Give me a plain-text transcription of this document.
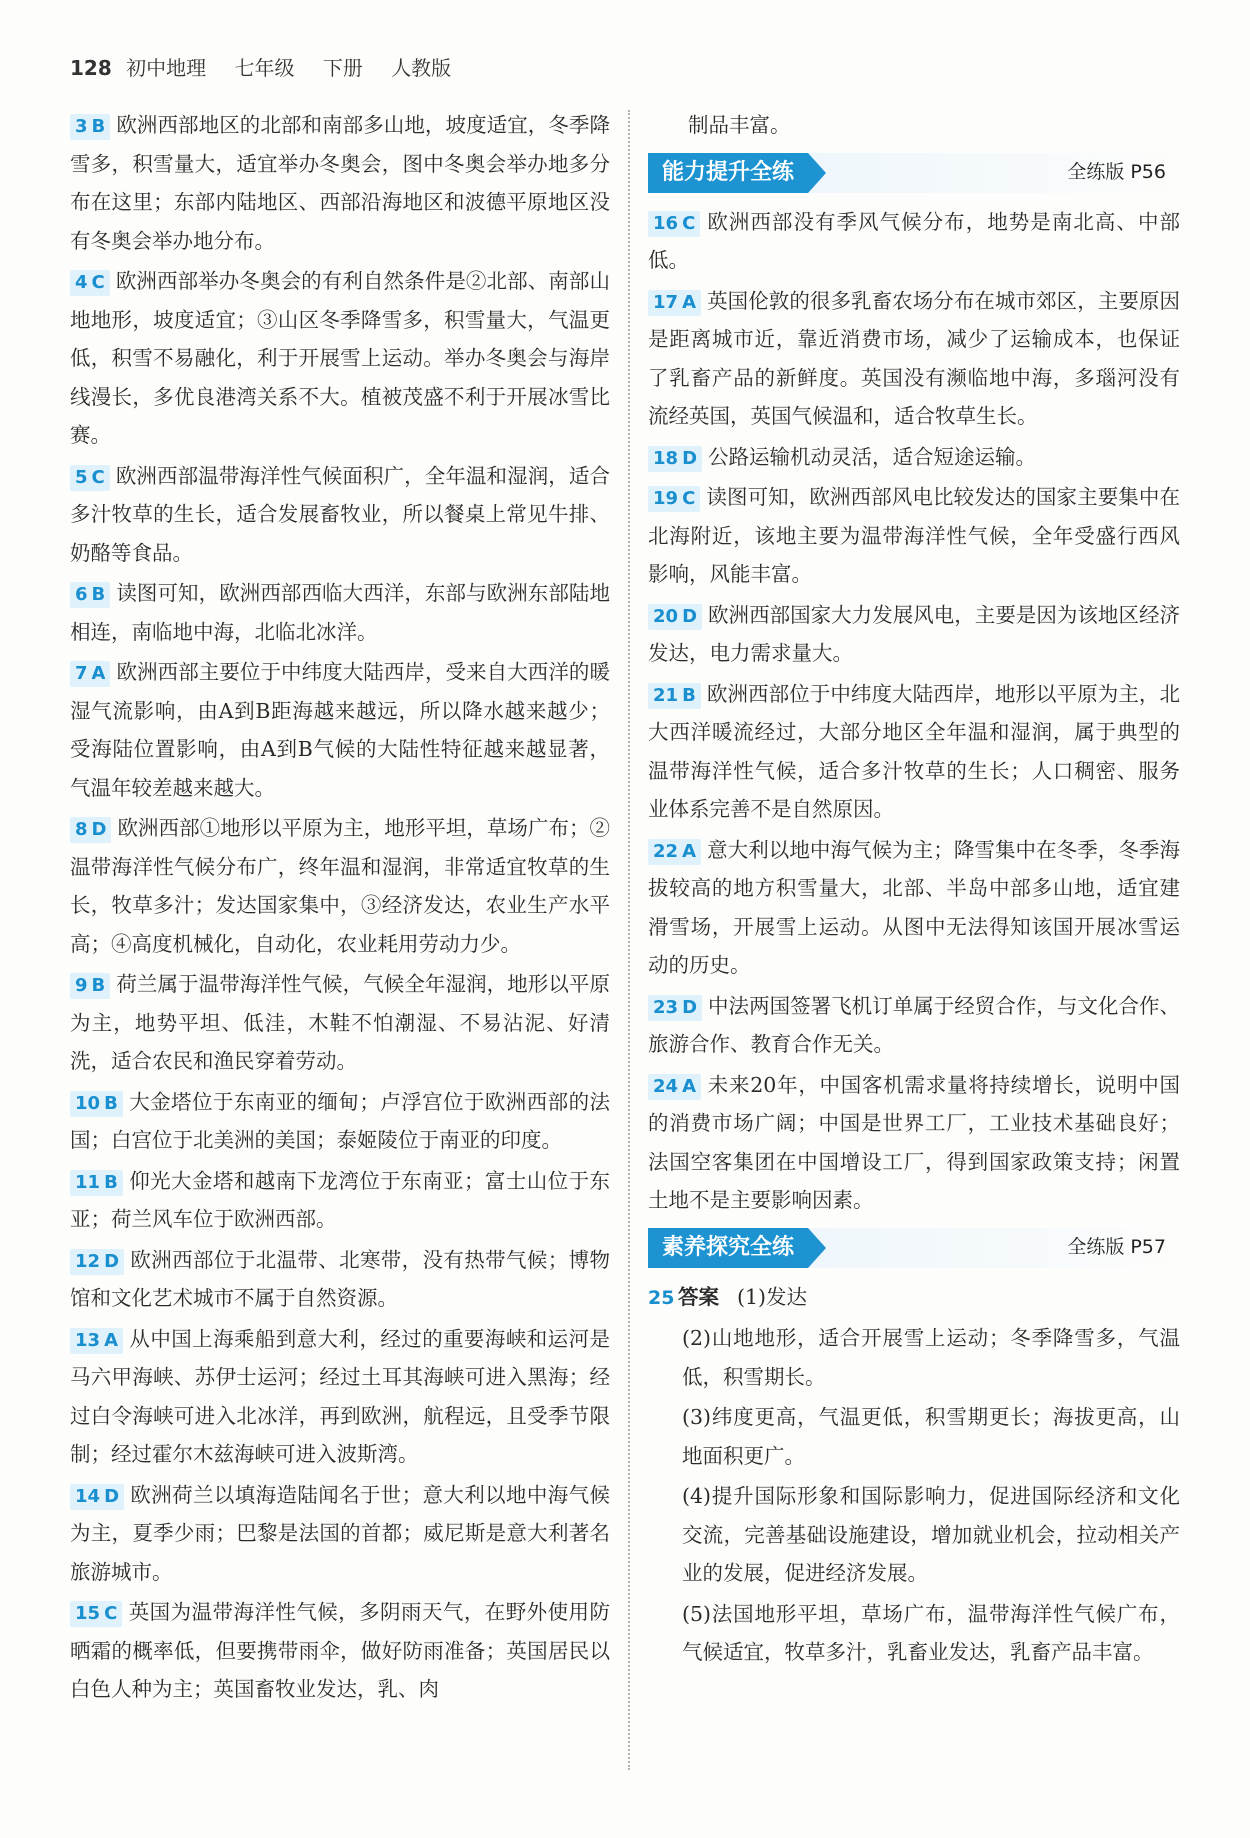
128 初中地理 七年级 下册 人教版
3 B 欧洲西部地区的北部和南部多山地，坡度适宜，冬季降雪多，积雪量大，适宜举办冬奥会，图中冬奥会举办地多分布在这里；东部内陆地区、西部沿海地区和波德平原地区没有冬奥会举办地分布。
4 C 欧洲西部举办冬奥会的有利自然条件是②北部、南部山地地形，坡度适宜；③山区冬季降雪多，积雪量大，气温更低，积雪不易融化，利于开展雪上运动。举办冬奥会与海岸线漫长，多优良港湾关系不大。植被茂盛不利于开展冰雪比赛。
5 C 欧洲西部温带海洋性气候面积广，全年温和湿润，适合多汁牧草的生长，适合发展畜牧业，所以餐桌上常见牛排、奶酪等食品。
6 B 读图可知，欧洲西部西临大西洋，东部与欧洲东部陆地相连，南临地中海，北临北冰洋。
7 A 欧洲西部主要位于中纬度大陆西岸，受来自大西洋的暖湿气流影响，由A到B距海越来越远，所以降水越来越少；受海陆位置影响，由A到B气候的大陆性特征越来越显著，气温年较差越来越大。
8 D 欧洲西部①地形以平原为主，地形平坦，草场广布；②温带海洋性气候分布广，终年温和湿润，非常适宜牧草的生长，牧草多汁；发达国家集中，③经济发达，农业生产水平高；④高度机械化，自动化，农业耗用劳动力少。
9 B 荷兰属于温带海洋性气候，气候全年湿润，地形以平原为主，地势平坦、低洼，木鞋不怕潮湿、不易沾泥、好清洗，适合农民和渔民穿着劳动。
10 B 大金塔位于东南亚的缅甸；卢浮宫位于欧洲西部的法国；白宫位于北美洲的美国；泰姬陵位于南亚的印度。
11 B 仰光大金塔和越南下龙湾位于东南亚；富士山位于东亚；荷兰风车位于欧洲西部。
12 D 欧洲西部位于北温带、北寒带，没有热带气候；博物馆和文化艺术城市不属于自然资源。
13 A 从中国上海乘船到意大利，经过的重要海峡和运河是马六甲海峡、苏伊士运河；经过土耳其海峡可进入黑海；经过白令海峡可进入北冰洋，再到欧洲，航程远，且受季节限制；经过霍尔木兹海峡可进入波斯湾。
14 D 欧洲荷兰以填海造陆闻名于世；意大利以地中海气候为主，夏季少雨；巴黎是法国的首都；威尼斯是意大利著名旅游城市。
15 C 英国为温带海洋性气候，多阴雨天气，在野外使用防晒霜的概率低，但要携带雨伞，做好防雨准备；英国居民以白色人种为主；英国畜牧业发达，乳、肉
制品丰富。
能力提升全练	全练版 P56
16 C 欧洲西部没有季风气候分布，地势是南北高、中部低。
17 A 英国伦敦的很多乳畜农场分布在城市郊区，主要原因是距离城市近，靠近消费市场，减少了运输成本，也保证了乳畜产品的新鲜度。英国没有濒临地中海，多瑙河没有流经英国，英国气候温和，适合牧草生长。
18 D 公路运输机动灵活，适合短途运输。
19 C 读图可知，欧洲西部风电比较发达的国家主要集中在北海附近，该地主要为温带海洋性气候，全年受盛行西风影响，风能丰富。
20 D 欧洲西部国家大力发展风电，主要是因为该地区经济发达，电力需求量大。
21 B 欧洲西部位于中纬度大陆西岸，地形以平原为主，北大西洋暖流经过，大部分地区全年温和湿润，属于典型的温带海洋性气候，适合多汁牧草的生长；人口稠密、服务业体系完善不是自然原因。
22 A 意大利以地中海气候为主；降雪集中在冬季，冬季海拔较高的地方积雪量大，北部、半岛中部多山地，适宜建滑雪场，开展雪上运动。从图中无法得知该国开展冰雪运动的历史。
23 D 中法两国签署飞机订单属于经贸合作，与文化合作、旅游合作、教育合作无关。
24 A 未来20年，中国客机需求量将持续增长，说明中国的消费市场广阔；中国是世界工厂，工业技术基础良好；法国空客集团在中国增设工厂，得到国家政策支持；闲置土地不是主要影响因素。
素养探究全练	全练版 P57
25 答案 (1)发达
(2)山地地形，适合开展雪上运动；冬季降雪多，气温低，积雪期长。
(3)纬度更高，气温更低，积雪期更长；海拔更高，山地面积更广。
(4)提升国际形象和国际影响力，促进国际经济和文化交流，完善基础设施建设，增加就业机会，拉动相关产业的发展，促进经济发展。
(5)法国地形平坦，草场广布，温带海洋性气候广布，气候适宜，牧草多汁，乳畜业发达，乳畜产品丰富。
